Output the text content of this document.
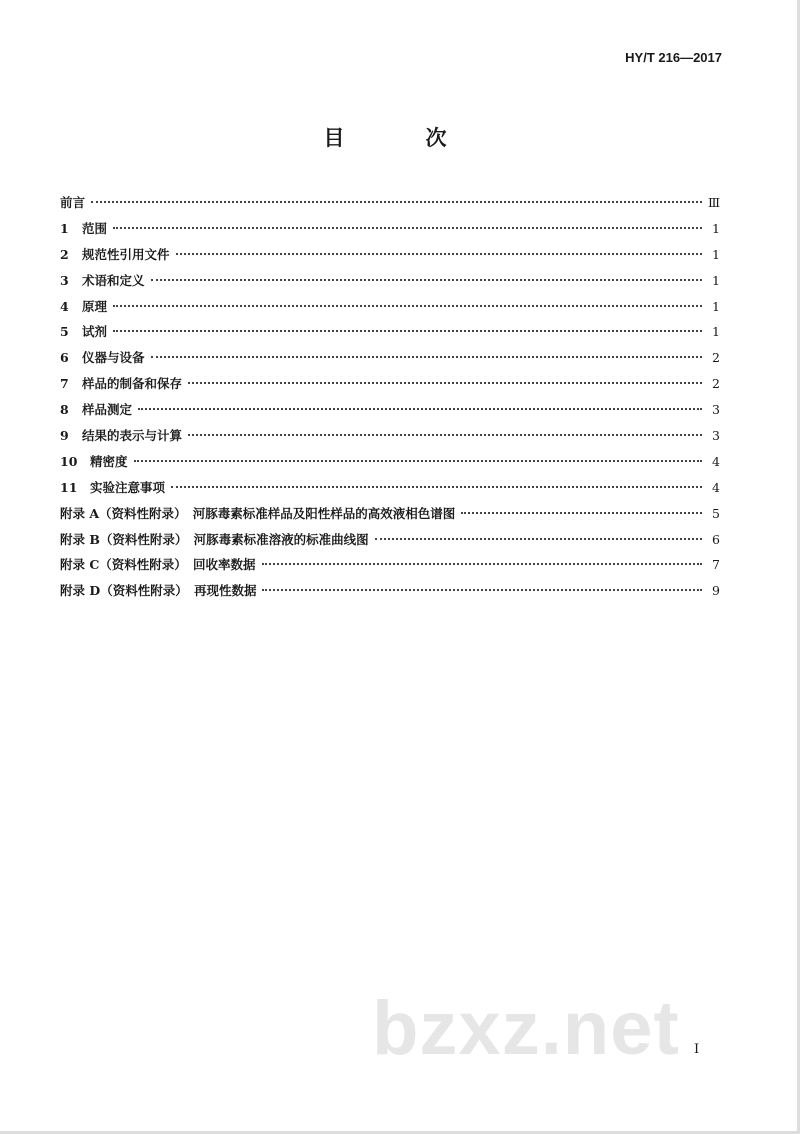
HY/T 216—2017
目　次
前言	Ⅲ
1	范围	1
2	规范性引用文件	1
3	术语和定义	1
4	原理	1
5	试剂	1
6	仪器与设备	2
7	样品的制备和保存	2
8	样品测定	3
9	结果的表示与计算	3
10	精密度	4
11	实验注意事项	4
附录 A（资料性附录）　河豚毒素标准样品及阳性样品的高效液相色谱图	5
附录 B（资料性附录）　河豚毒素标准溶液的标准曲线图	6
附录 C（资料性附录）　回收率数据	7
附录 D（资料性附录）　再现性数据	9
I
bzxz.net
